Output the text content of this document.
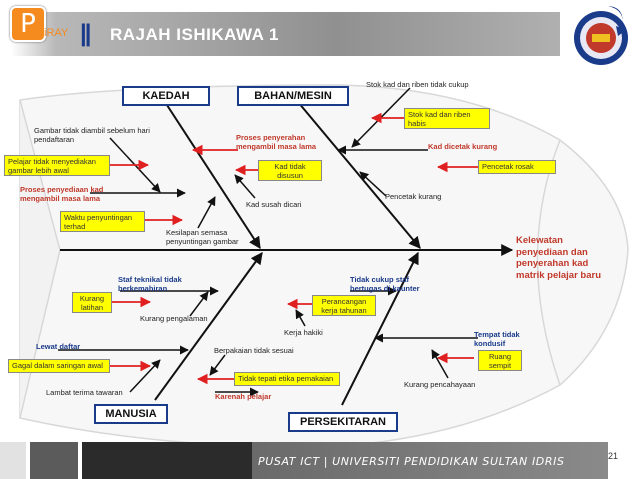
P iRAY || RAJAH ISHIKAWA 1
KAEDAH	BAHAN/MESIN
MANUSIA
PERSEKITARAN
Kelewatan
penyediaan dan
penyerahan kad
matrik pelajar baru
Gambar tidak diambil sebelum hari
pendaftaran
Pelajar tidak menyediakan
gambar lebih awal
Proses penyediaan kad
mengambil masa lama
Waktu penyuntingan
terhad
Kesilapan semasa
penyuntingan gambar
Stok kad dan riben tidak cukup
Stok kad dan riben
habis
Proses penyerahan
mengambil masa lama
Kad tidak
disusun
Kad dicetak kurang
Pencetak rosak
Pencetak kurang
Kad susah dicari
Staf teknikal tidak
berkemahiran
Kurang
latihan
Kurang pengalaman
Lewat daftar
Gagal dalam saringan awal
Lambat terima tawaran
Berpakaian tidak sesuai
Tidak tepati etika pemakaian
Karenah pelajar
Tidak cukup staf
bertugas di kaunter
Perancangan
kerja tahunan
Kerja hakiki	Tempat tidak
kondusif
Ruang
sempit
Kurang pencahayaan
PUSAT ICT | UNIVERSITI PENDIDIKAN SULTAN IDRIS	21
